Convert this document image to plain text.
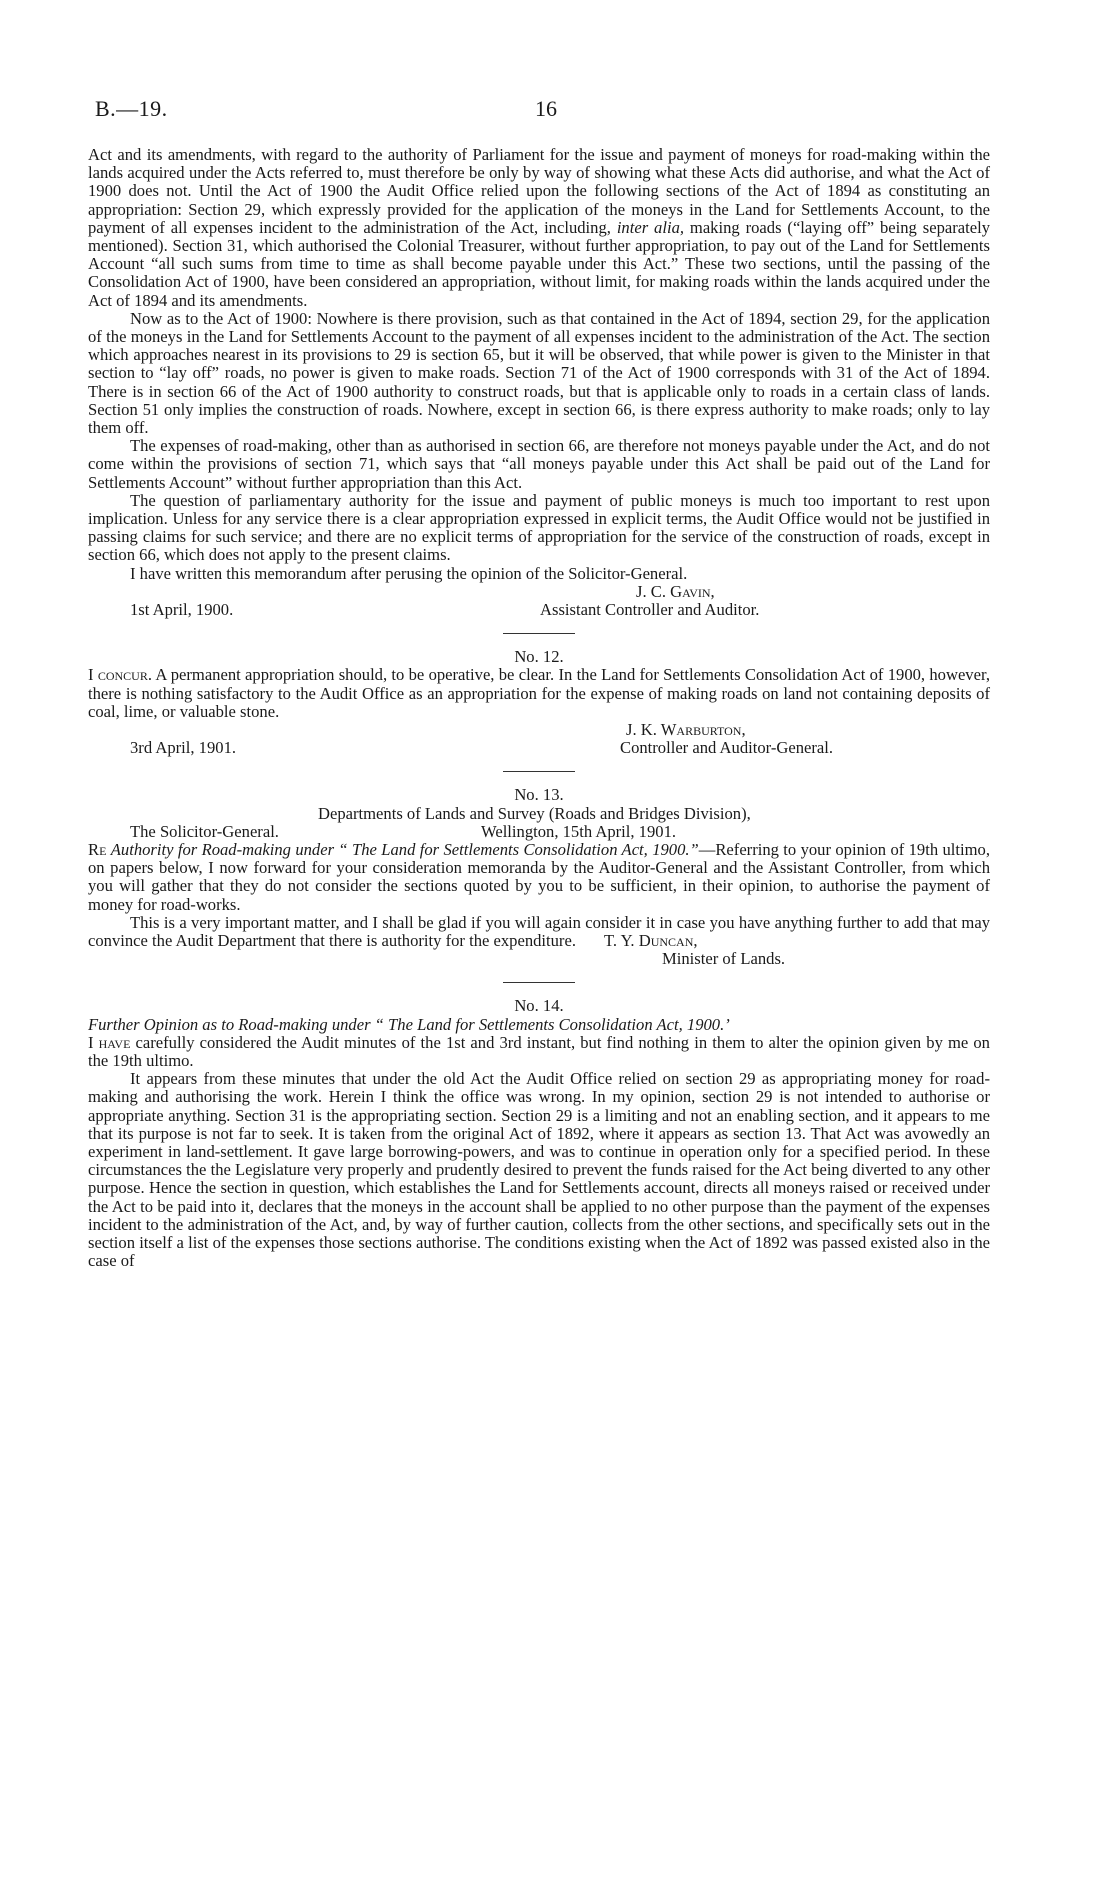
B.—19.	16

Act and its amendments, with regard to the authority of Parliament for the issue and payment of moneys for road-making within the lands acquired under the Acts referred to, must therefore be only by way of showing what these Acts did authorise, and what the Act of 1900 does not. Until the Act of 1900 the Audit Office relied upon the following sections of the Act of 1894 as constituting an appropriation: Section 29, which expressly provided for the application of the moneys in the Land for Settlements Account, to the payment of all expenses incident to the administration of the Act, including, inter alia, making roads (“laying off” being separately mentioned). Section 31, which authorised the Colonial Treasurer, without further appropriation, to pay out of the Land for Settlements Account “all such sums from time to time as shall become payable under this Act.” These two sections, until the passing of the Consolidation Act of 1900, have been considered an appropriation, without limit, for making roads within the lands acquired under the Act of 1894 and its amendments.

Now as to the Act of 1900: Nowhere is there provision, such as that contained in the Act of 1894, section 29, for the application of the moneys in the Land for Settlements Account to the payment of all expenses incident to the administration of the Act. The section which approaches nearest in its provisions to 29 is section 65, but it will be observed, that while power is given to the Minister in that section to “lay off” roads, no power is given to make roads. Section 71 of the Act of 1900 corresponds with 31 of the Act of 1894. There is in section 66 of the Act of 1900 authority to construct roads, but that is applicable only to roads in a certain class of lands. Section 51 only implies the construction of roads. Nowhere, except in section 66, is there express authority to make roads; only to lay them off.

The expenses of road-making, other than as authorised in section 66, are therefore not moneys payable under the Act, and do not come within the provisions of section 71, which says that “all moneys payable under this Act shall be paid out of the Land for Settlements Account” without further appropriation than this Act.

The question of parliamentary authority for the issue and payment of public moneys is much too important to rest upon implication. Unless for any service there is a clear appropriation expressed in explicit terms, the Audit Office would not be justified in passing claims for such service; and there are no explicit terms of appropriation for the service of the construction of roads, except in section 66, which does not apply to the present claims.

I have written this memorandum after perusing the opinion of the Solicitor-General.

J. C. Gavin,
1st April, 1900.	Assistant Controller and Auditor.

No. 12.

I concur. A permanent appropriation should, to be operative, be clear. In the Land for Settlements Consolidation Act of 1900, however, there is nothing satisfactory to the Audit Office as an appropriation for the expense of making roads on land not containing deposits of coal, lime, or valuable stone.

J. K. Warburton,
3rd April, 1901.	Controller and Auditor-General.

No. 13.

Departments of Lands and Survey (Roads and Bridges Division),
The Solicitor-General.	Wellington, 15th April, 1901.

Re Authority for Road-making under “ The Land for Settlements Consolidation Act, 1900.”—Referring to your opinion of 19th ultimo, on papers below, I now forward for your consideration memoranda by the Auditor-General and the Assistant Controller, from which you will gather that they do not consider the sections quoted by you to be sufficient, in their opinion, to authorise the payment of money for road-works.

This is a very important matter, and I shall be glad if you will again consider it in case you have anything further to add that may convince the Audit Department that there is authority for the expenditure.	T. Y. Duncan,
Minister of Lands.

No. 14.

Further Opinion as to Road-making under “ The Land for Settlements Consolidation Act, 1900.’

I have carefully considered the Audit minutes of the 1st and 3rd instant, but find nothing in them to alter the opinion given by me on the 19th ultimo.

It appears from these minutes that under the old Act the Audit Office relied on section 29 as appropriating money for road-making and authorising the work. Herein I think the office was wrong. In my opinion, section 29 is not intended to authorise or appropriate anything. Section 31 is the appropriating section. Section 29 is a limiting and not an enabling section, and it appears to me that its purpose is not far to seek. It is taken from the original Act of 1892, where it appears as section 13. That Act was avowedly an experiment in land-settlement. It gave large borrowing-powers, and was to continue in operation only for a specified period. In these circumstances the the Legislature very properly and prudently desired to prevent the funds raised for the Act being diverted to any other purpose. Hence the section in question, which establishes the Land for Settlements account, directs all moneys raised or received under the Act to be paid into it, declares that the moneys in the account shall be applied to no other purpose than the payment of the expenses incident to the administration of the Act, and, by way of further caution, collects from the other sections, and specifically sets out in the section itself a list of the expenses those sections authorise. The conditions existing when the Act of 1892 was passed existed also in the case of
